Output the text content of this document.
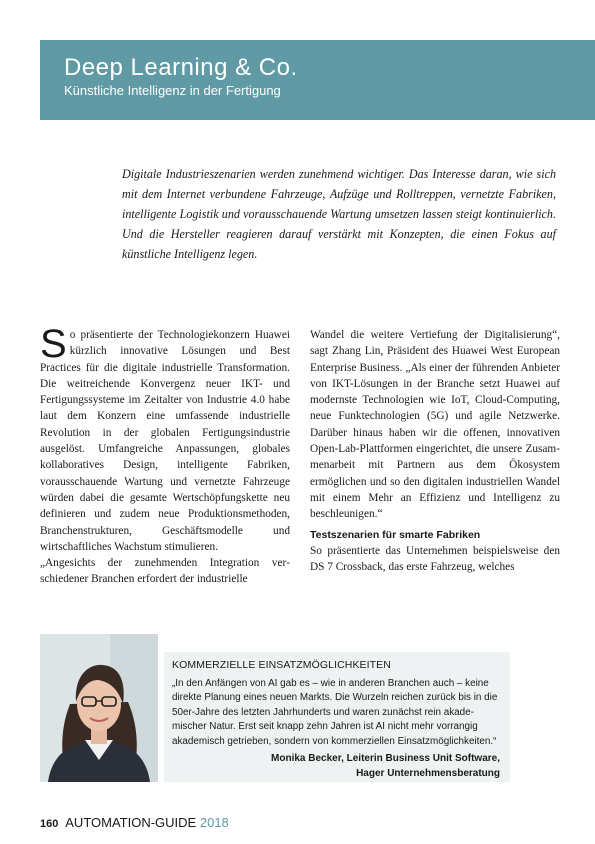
Deep Learning & Co.
Künstliche Intelligenz in der Fertigung

Digitale Industrieszenarien werden zunehmend wichtiger. Das Interesse daran, wie sich mit dem Internet verbundene Fahrzeuge, Aufzüge und Rolltreppen, vernetzte Fabriken, intelligente Logistik und vorausschauende Wartung umsetzen lassen steigt kontinuierlich. Und die Hersteller reagieren darauf verstärkt mit Konzepten, die einen Fokus auf künstliche Intelligenz legen.

So präsentierte der Technologiekonzern Huawei kürzlich innovative Lösungen und Best Practices für die digitale industrielle Transformation. Die weitreichende Konvergenz neuer IKT- und Fertigungssysteme im Zeitalter von Industrie 4.0 habe laut dem Konzern eine umfassende industrielle Revolution in der globalen Fertigungsindustrie ausgelöst. Umfangreiche Anpassungen, globales kollaboratives Design, intelligente Fabriken, vorausschauende Wartung und vernetzte Fahrzeuge würden dabei die gesamte Wertschöpfungskette neu definieren und zudem neue Produktionsmethoden, Branchenstrukturen, Geschäftsmodelle und wirtschaftliches Wachstum stimulieren.

„Angesichts der zunehmenden Integration verschiedener Branchen erfordert der industrielle

Wandel die weitere Vertiefung der Digitalisierung“, sagt Zhang Lin, Präsident des Huawei West European Enterprise Business. „Als einer der führenden Anbieter von IKT-Lösungen in der Branche setzt Huawei auf modernste Technologien wie IoT, Cloud-Computing, neue Funktechnologien (5G) und agile Netzwerke. Darüber hinaus haben wir die offenen, innovativen Open-Lab-Plattformen eingerichtet, die unsere Zusammenarbeit mit Partnern aus dem Ökosystem ermöglichen und so den digitalen industriellen Wandel mit einem Mehr an Effizienz und Intelligenz zu beschleunigen.“

Testszenarien für smarte Fabriken

So präsentierte das Unternehmen beispielsweise den DS 7 Crossback, das erste Fahrzeug, welches

KOMMERZIELLE EINSATZMÖGLICHKEITEN

„In den Anfängen von AI gab es – wie in anderen Branchen auch – keine direkte Planung eines neuen Markts. Die Wurzeln reichen zurück bis in die 50er-Jahre des letzten Jahrhunderts und waren zunächst rein akademischer Natur. Erst seit knapp zehn Jahren ist AI nicht mehr vorrangig akademisch getrieben, sondern von kommerziellen Einsatzmöglichkeiten.“

Monika Becker, Leiterin Business Unit Software,
Hager Unternehmensberatung

160 AUTOMATION-GUIDE 2018
